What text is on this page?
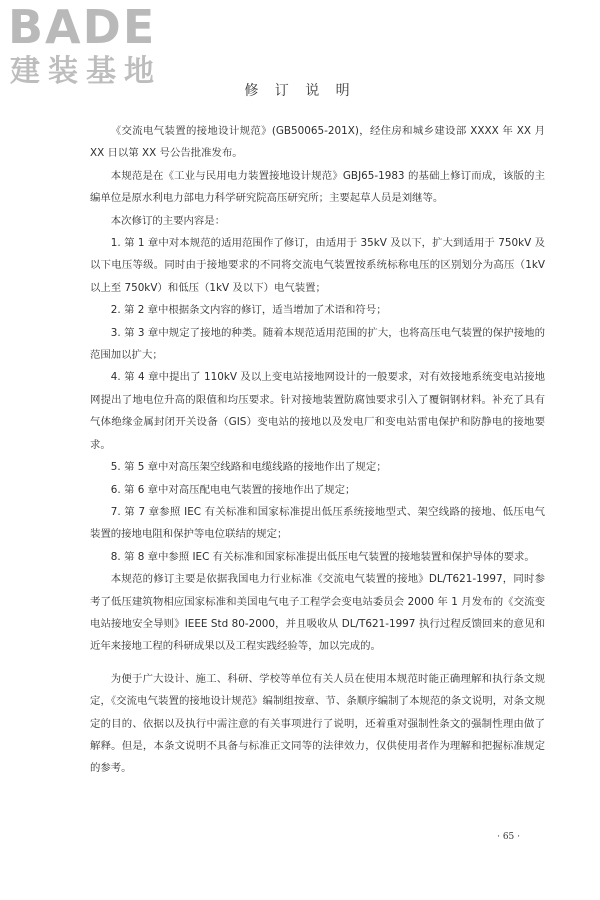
BADE
建装基地
修 订 说 明

《交流电气装置的接地设计规范》(GB50065-201X)，经住房和城乡建设部 XXXX 年 XX 月 XX 日以第 XX 号公告批准发布。

本规范是在《工业与民用电力装置接地设计规范》GBJ65-1983 的基础上修订而成，该版的主编单位是原水利电力部电力科学研究院高压研究所；主要起草人员是刘继等。

本次修订的主要内容是：

1. 第 1 章中对本规范的适用范围作了修订，由适用于 35kV 及以下，扩大到适用于 750kV 及以下电压等级。同时由于接地要求的不同将交流电气装置按系统标称电压的区别划分为高压（1kV 以上至 750kV）和低压（1kV 及以下）电气装置；

2. 第 2 章中根据条文内容的修订，适当增加了术语和符号；

3. 第 3 章中规定了接地的种类。随着本规范适用范围的扩大，也将高压电气装置的保护接地的范围加以扩大；

4. 第 4 章中提出了 110kV 及以上变电站接地网设计的一般要求，对有效接地系统变电站接地网提出了地电位升高的限值和均压要求。针对接地装置防腐蚀要求引入了覆铜钢材料。补充了具有气体绝缘金属封闭开关设备（GIS）变电站的接地以及发电厂和变电站雷电保护和防静电的接地要求。

5. 第 5 章中对高压架空线路和电缆线路的接地作出了规定；

6. 第 6 章中对高压配电电气装置的接地作出了规定；

7. 第 7 章参照 IEC 有关标准和国家标准提出低压系统接地型式、架空线路的接地、低压电气装置的接地电阻和保护等电位联结的规定；

8. 第 8 章中参照 IEC 有关标准和国家标准提出低压电气装置的接地装置和保护导体的要求。

本规范的修订主要是依据我国电力行业标准《交流电气装置的接地》DL/T621-1997，同时参考了低压建筑物相应国家标准和美国电气电子工程学会变电站委员会 2000 年 1 月发布的《交流变电站接地安全导则》IEEE Std 80-2000，并且吸收从 DL/T621-1997 执行过程反馈回来的意见和近年来接地工程的科研成果以及工程实践经验等，加以完成的。

为便于广大设计、施工、科研、学校等单位有关人员在使用本规范时能正确理解和执行条文规定，《交流电气装置的接地设计规范》编制组按章、节、条顺序编制了本规范的条文说明，对条文规定的目的、依据以及执行中需注意的有关事项进行了说明，还着重对强制性条文的强制性理由做了解释。但是，本条文说明不具备与标准正文同等的法律效力，仅供使用者作为理解和把握标准规定的参考。

· 65 ·
